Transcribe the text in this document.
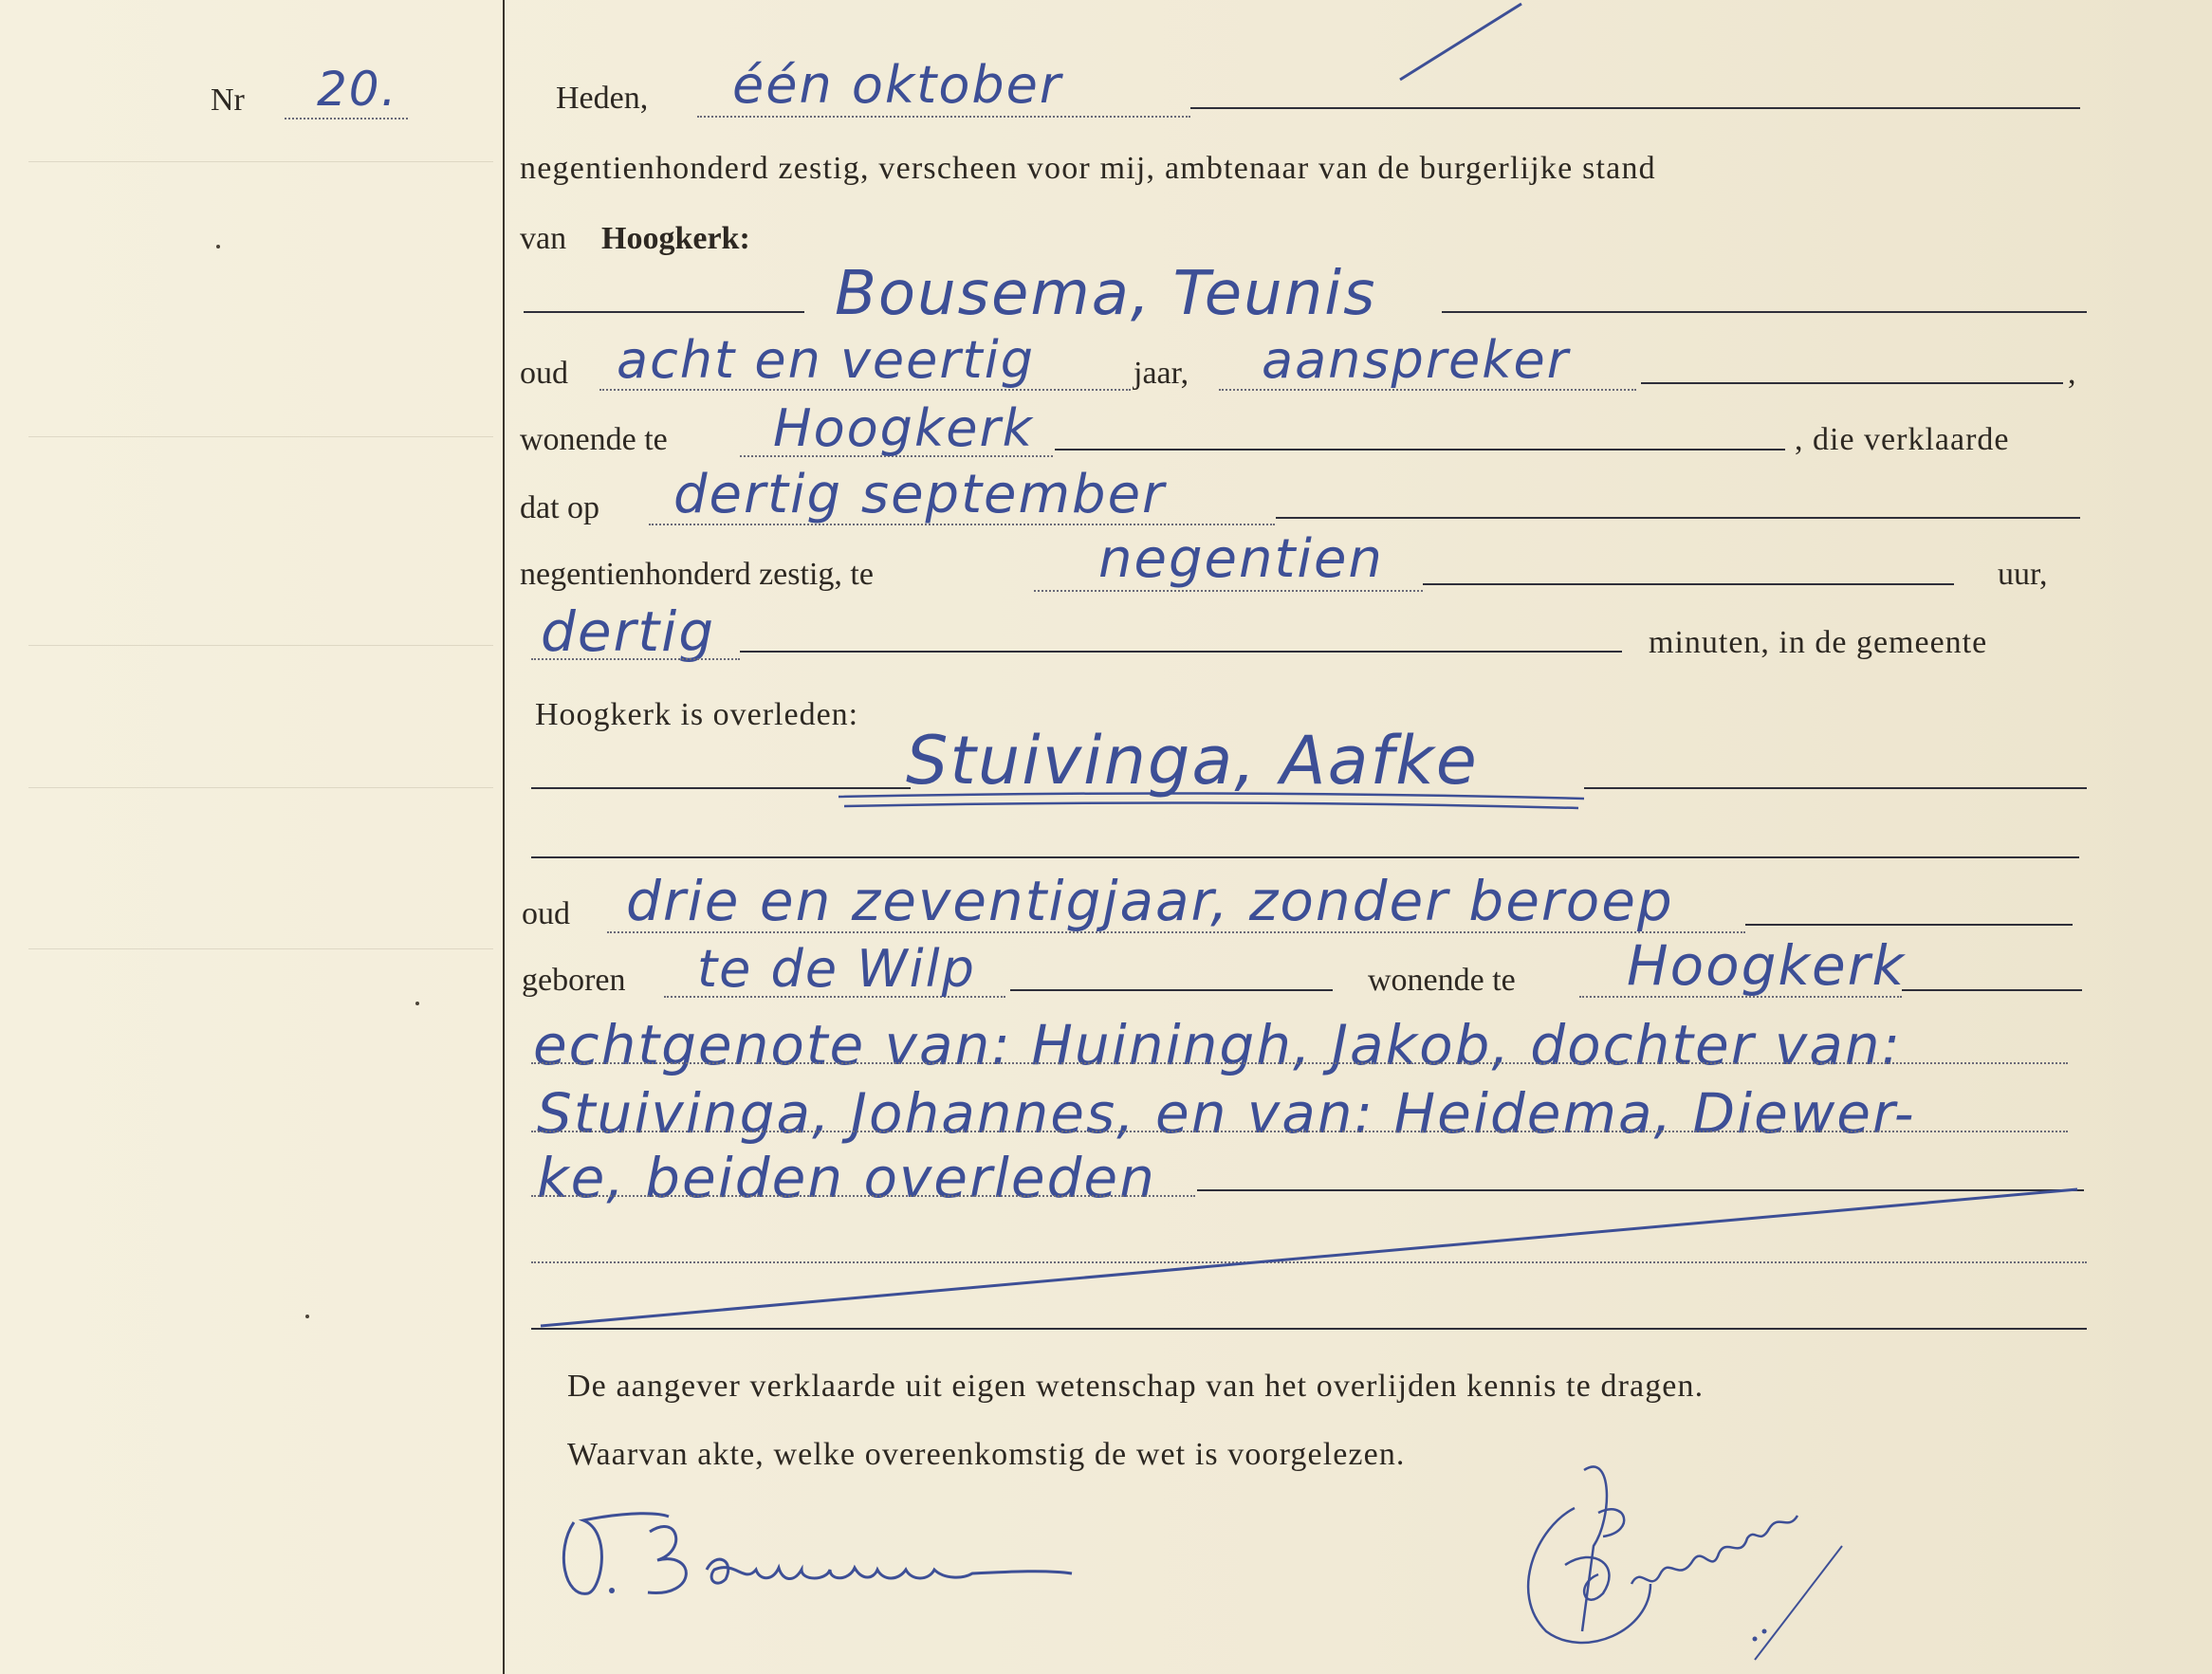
Nr 20.	Heden, één oktober
negentienhonderd zestig, verscheen voor mij, ambtenaar van de burgerlijke stand
van Hoogkerk:
Bousema, Teunis
oud acht en veertig	jaar, aanspreker	,
wonende te Hoogkerk	, die verklaarde
dat op dertig september
negentienhonderd zestig, te	negentien	uur,
dertig	minuten, in de gemeente
Hoogkerk is overleden:
Stuivinga, Aafke
oud drie en zeventigjaar, zonder beroep
geboren te de Wilp	wonende te Hoogkerk
echtgenote van: Huiningh, Jakob, dochter van:
Stuivinga, Johannes, en van: Heidema, Diewer-
ke, beiden overleden
De aangever verklaarde uit eigen wetenschap van het overlijden kennis te dragen.
Waarvan akte, welke overeenkomstig de wet is voorgelezen.
